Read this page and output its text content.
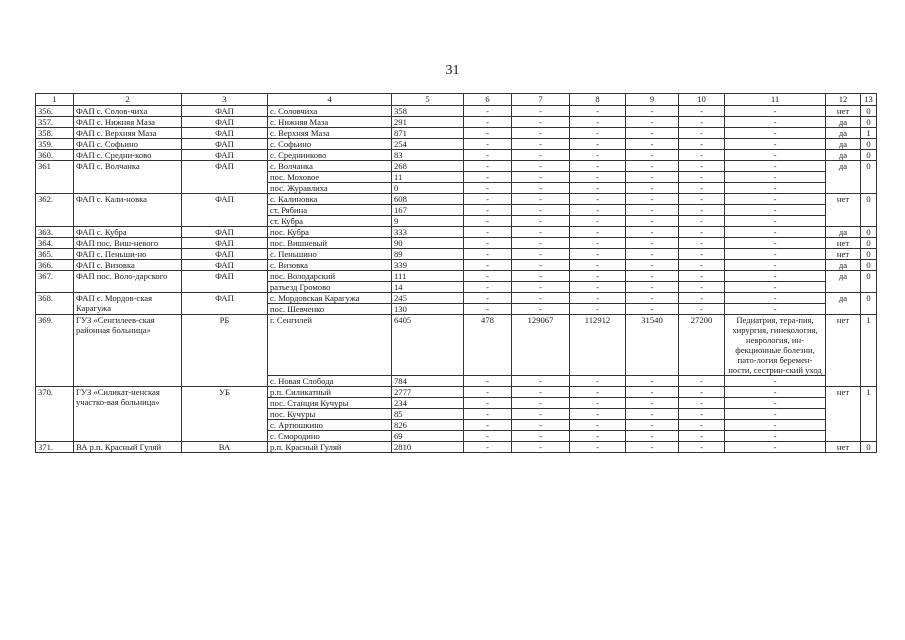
31
1	2	3	4	5	6	7	8	9	10	11	12	13
356.	ФАП с. Солов-чиха	ФАП	с. Соловчиха	358	-	-	-	-	-	-	нет	0
357.	ФАП с. Нижняя Маза	ФАП	с. Нижняя Маза	291	-	-	-	-	-	-	да	0
358.	ФАП с. Верхняя Маза	ФАП	с. Верхняя Маза	871	-	-	-	-	-	-	да	1
359.	ФАП с. Софьино	ФАП	с. Софьино	254	-	-	-	-	-	-	да	0
360.	ФАП с. Средни-ково	ФАП	с. Среднииково	83	-	-	-	-	-	-	да	0
361	ФАП с. Волчанка	ФАП	с. Волчанка	268	-	-	-	-	-	-	да	0
			пос. Моховое	11	-	-	-	-	-	-		
			пос. Журавлиха	0	-	-	-	-	-	-		
362.	ФАП с. Кали-новка	ФАП	с. Калиновка	608	-	-	-	-	-	-	нет	0
			ст. Рябина	167	-	-	-	-	-	-		
			ст. Кубра	9	-	-	-	-	-	-		
363.	ФАП с. Кубра	ФАП	пос. Кубра	333	-	-	-	-	-	-	да	0
364.	ФАП пос. Виш-невого	ФАП	пос. Вишневый	90	-	-	-	-	-	-	нет	0
365.	ФАП с. Пеньши-но	ФАП	с. Пеньшино	89	-	-	-	-	-	-	нет	0
366.	ФАП с. Визовка	ФАП	с. Визовка	339	-	-	-	-	-	-	да	0
367.	ФАП пос. Воло-дарского	ФАП	пос. Володарский	111	-	-	-	-	-	-	да	0
			разъезд Громово	14	-	-	-	-	-	-		
368.	ФАП с. Мордов-ская Карагужа	ФАП	с. Мордовская Карагужа	245	-	-	-	-	-	-	да	0
			пос. Шевченко	130	-	-	-	-	-	-		
369.	ГУЗ «Сенгилеев-ская районная больница»	РБ	г. Сенгилей	6405	478	129067	112912	31540	27200	Педиатрия, тера-пия, хирургия, гинекология, неврология, ин-фекционные болезни, пато-логия беремен-ности, сестрин-ский уход	нет	1
			с. Новая Слобода	784	-	-	-	-	-	-		
370.	ГУЗ «Силикат-ненская участко-вая больница»	УБ	р.п. Силикатный	2777	-	-	-	-	-	-	нет	1
			пос. Станция Кучуры	234	-	-	-	-	-	-		
			пос. Кучуры	85	-	-	-	-	-	-		
			с. Артюшкино	826	-	-	-	-	-	-		
			с. Смородино	69	-	-	-	-	-	-		
371.	ВА р.п. Красный Гуляй	ВА	р.п. Красный Гуляй	2810	-	-	-	-	-	-	нет	0
